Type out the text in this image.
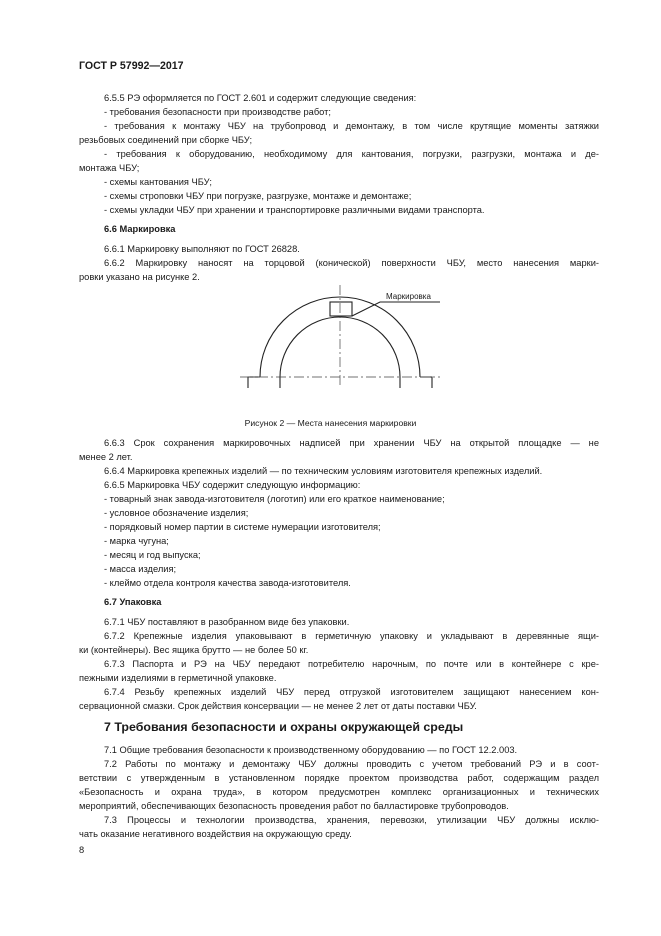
ГОСТ Р 57992—2017
6.5.5 РЭ оформляется по ГОСТ 2.601 и содержит следующие сведения:
- требования безопасности при производстве работ;
- требования к монтажу ЧБУ на трубопровод и демонтажу, в том числе крутящие моменты затяжки
резьбовых соединений при сборке ЧБУ;
- требования к оборудованию, необходимому для кантования, погрузки, разгрузки, монтажа и де-
монтажа ЧБУ;
- схемы кантования ЧБУ;
- схемы строповки ЧБУ при погрузке, разгрузке, монтаже и демонтаже;
- схемы укладки ЧБУ при хранении и транспортировке различными видами транспорта.
6.6 Маркировка
6.6.1 Маркировку выполняют по ГОСТ 26828.
6.6.2 Маркировку наносят на торцовой (конической) поверхности ЧБУ, место нанесения марки-
ровки указано на рисунке 2.
Маркировка
Рисунок 2 — Места нанесения маркировки
6.6.3 Срок сохранения маркировочных надписей при хранении ЧБУ на открытой площадке — не
менее 2 лет.
6.6.4 Маркировка крепежных изделий — по техническим условиям изготовителя крепежных изделий.
6.6.5 Маркировка ЧБУ содержит следующую информацию:
- товарный знак завода-изготовителя (логотип) или его краткое наименование;
- условное обозначение изделия;
- порядковый номер партии в системе нумерации изготовителя;
- марка чугуна;
- месяц и год выпуска;
- масса изделия;
- клеймо отдела контроля качества завода-изготовителя.
6.7 Упаковка
6.7.1 ЧБУ поставляют в разобранном виде без упаковки.
6.7.2 Крепежные изделия упаковывают в герметичную упаковку и укладывают в деревянные ящи-
ки (контейнеры). Вес ящика брутто — не более 50 кг.
6.7.3 Паспорта и РЭ на ЧБУ передают потребителю нарочным, по почте или в контейнере с кре-
пежными изделиями в герметичной упаковке.
6.7.4 Резьбу крепежных изделий ЧБУ перед отгрузкой изготовителем защищают нанесением кон-
сервационной смазки. Срок действия консервации — не менее 2 лет от даты поставки ЧБУ.
7 Требования безопасности и охраны окружающей среды
7.1 Общие требования безопасности к производственному оборудованию — по ГОСТ 12.2.003.
7.2 Работы по монтажу и демонтажу ЧБУ должны проводить с учетом требований РЭ и в соот-
ветствии с утвержденным в установленном порядке проектом производства работ, содержащим раздел
«Безопасность и охрана труда», в котором предусмотрен комплекс организационных и технических
мероприятий, обеспечивающих безопасность проведения работ по балластировке трубопроводов.
7.3 Процессы и технологии производства, хранения, перевозки, утилизации ЧБУ должны исклю-
чать оказание негативного воздействия на окружающую среду.
8
